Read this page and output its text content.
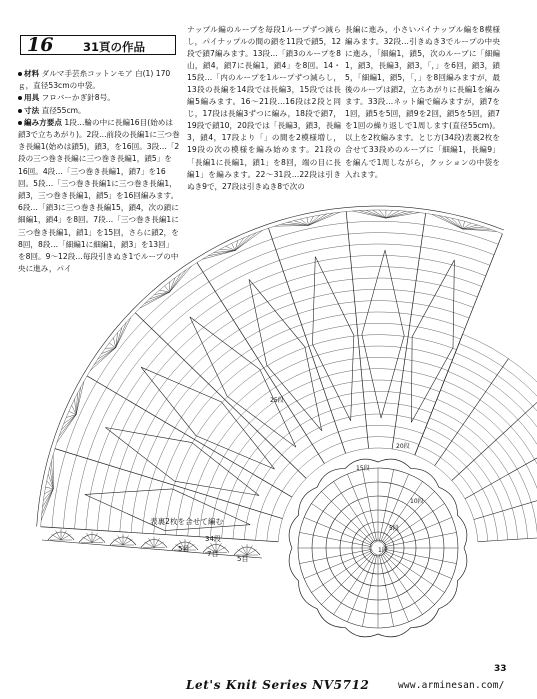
16	31頁の作品
材料 ダルマ手芸糸コットンモア 白(1) 170ｇ，直径53cmの中袋。
用具 フロバーかぎ針8号。
寸法 直径55cm。
編み方要点 1段…輪の中に長編16目(始めは鎖3で立ちあがり)。2段…前段の長編1に三つ巻き長編1(始めは鎖5)，鎖3，を16回。3段…「2段の三つ巻き長編に三つ巻き長編1，鎖5」を16回。4段…「三つ巻き長編1，鎖7」を16回。5段…「三つ巻き長編1に三つ巻き長編1，鎖3，三つ巻き長編1，鎖5」を16回編みます。6段…「鎖3に三つ巻き長編15，鎖4，次の鎖に細編1，鎖4」を8回。7段…「三つ巻き長編1に三つ巻き長編1，鎖1」を15回，さらに鎖2，を8回，8段…「細編1に細編1，鎖3」を13回」を8回。9～12段…毎段引きぬき1でループの中央に進み，パイ
ナップル編のループを毎段1ループずつ減らし，パイナップルの間の鎖を11段で鎖5，12段で鎖7編みます。13段…「鎖3のループを8山，鎖4，鎖7に長編1，鎖4」を8回。14・15段…「内のループを1ループずつ減らし，13段の長編を14段では長編3，15段では長編5編みます。16～21段…16段は2段と同じ，17段は長編3ずつに編み，18段で鎖7，19段で鎖10，20段では「長編3，鎖3，長編3，鎖4，17段より「」の間を2模様増し，19段の次の模様を編み始めます。21段の「長編1に長編1，鎖1」を8回，端の目に長編1」を編みます。22～31段…22段は引きぬき9で，27段は引きぬき8で次の
長編に進み，小さいパイナップル編を8模様編みます。32段…引きぬき3でループの中央に進み，「細編1，鎖5，次のループに「細編1，鎖3，長編3，鎖3，「，」を6回，鎖3，鎖5，「細編1，鎖5，「，」を8回編みますが，最後のループは鎖2，立ちあがりに長編1を編みます。33段…ネット編で編みますが，鎖7を1回，鎖5を5回，鎖9を2回，鎖5を5回，鎖7を1回の繰り返しで1周します(直径55cm)。以上を2枚編みます。とじ方(34段)表裏2枚を合せて33段めのループに「細編1，長編9」を編んで1周しながら，クッションの中袋を入れます。
25段
20段
15段
10段
5段
1段
34段
5目
7目
5目
表裏2枚を合せて編む
33
Let's Knit Series NV5712	www.arminesan.com/
